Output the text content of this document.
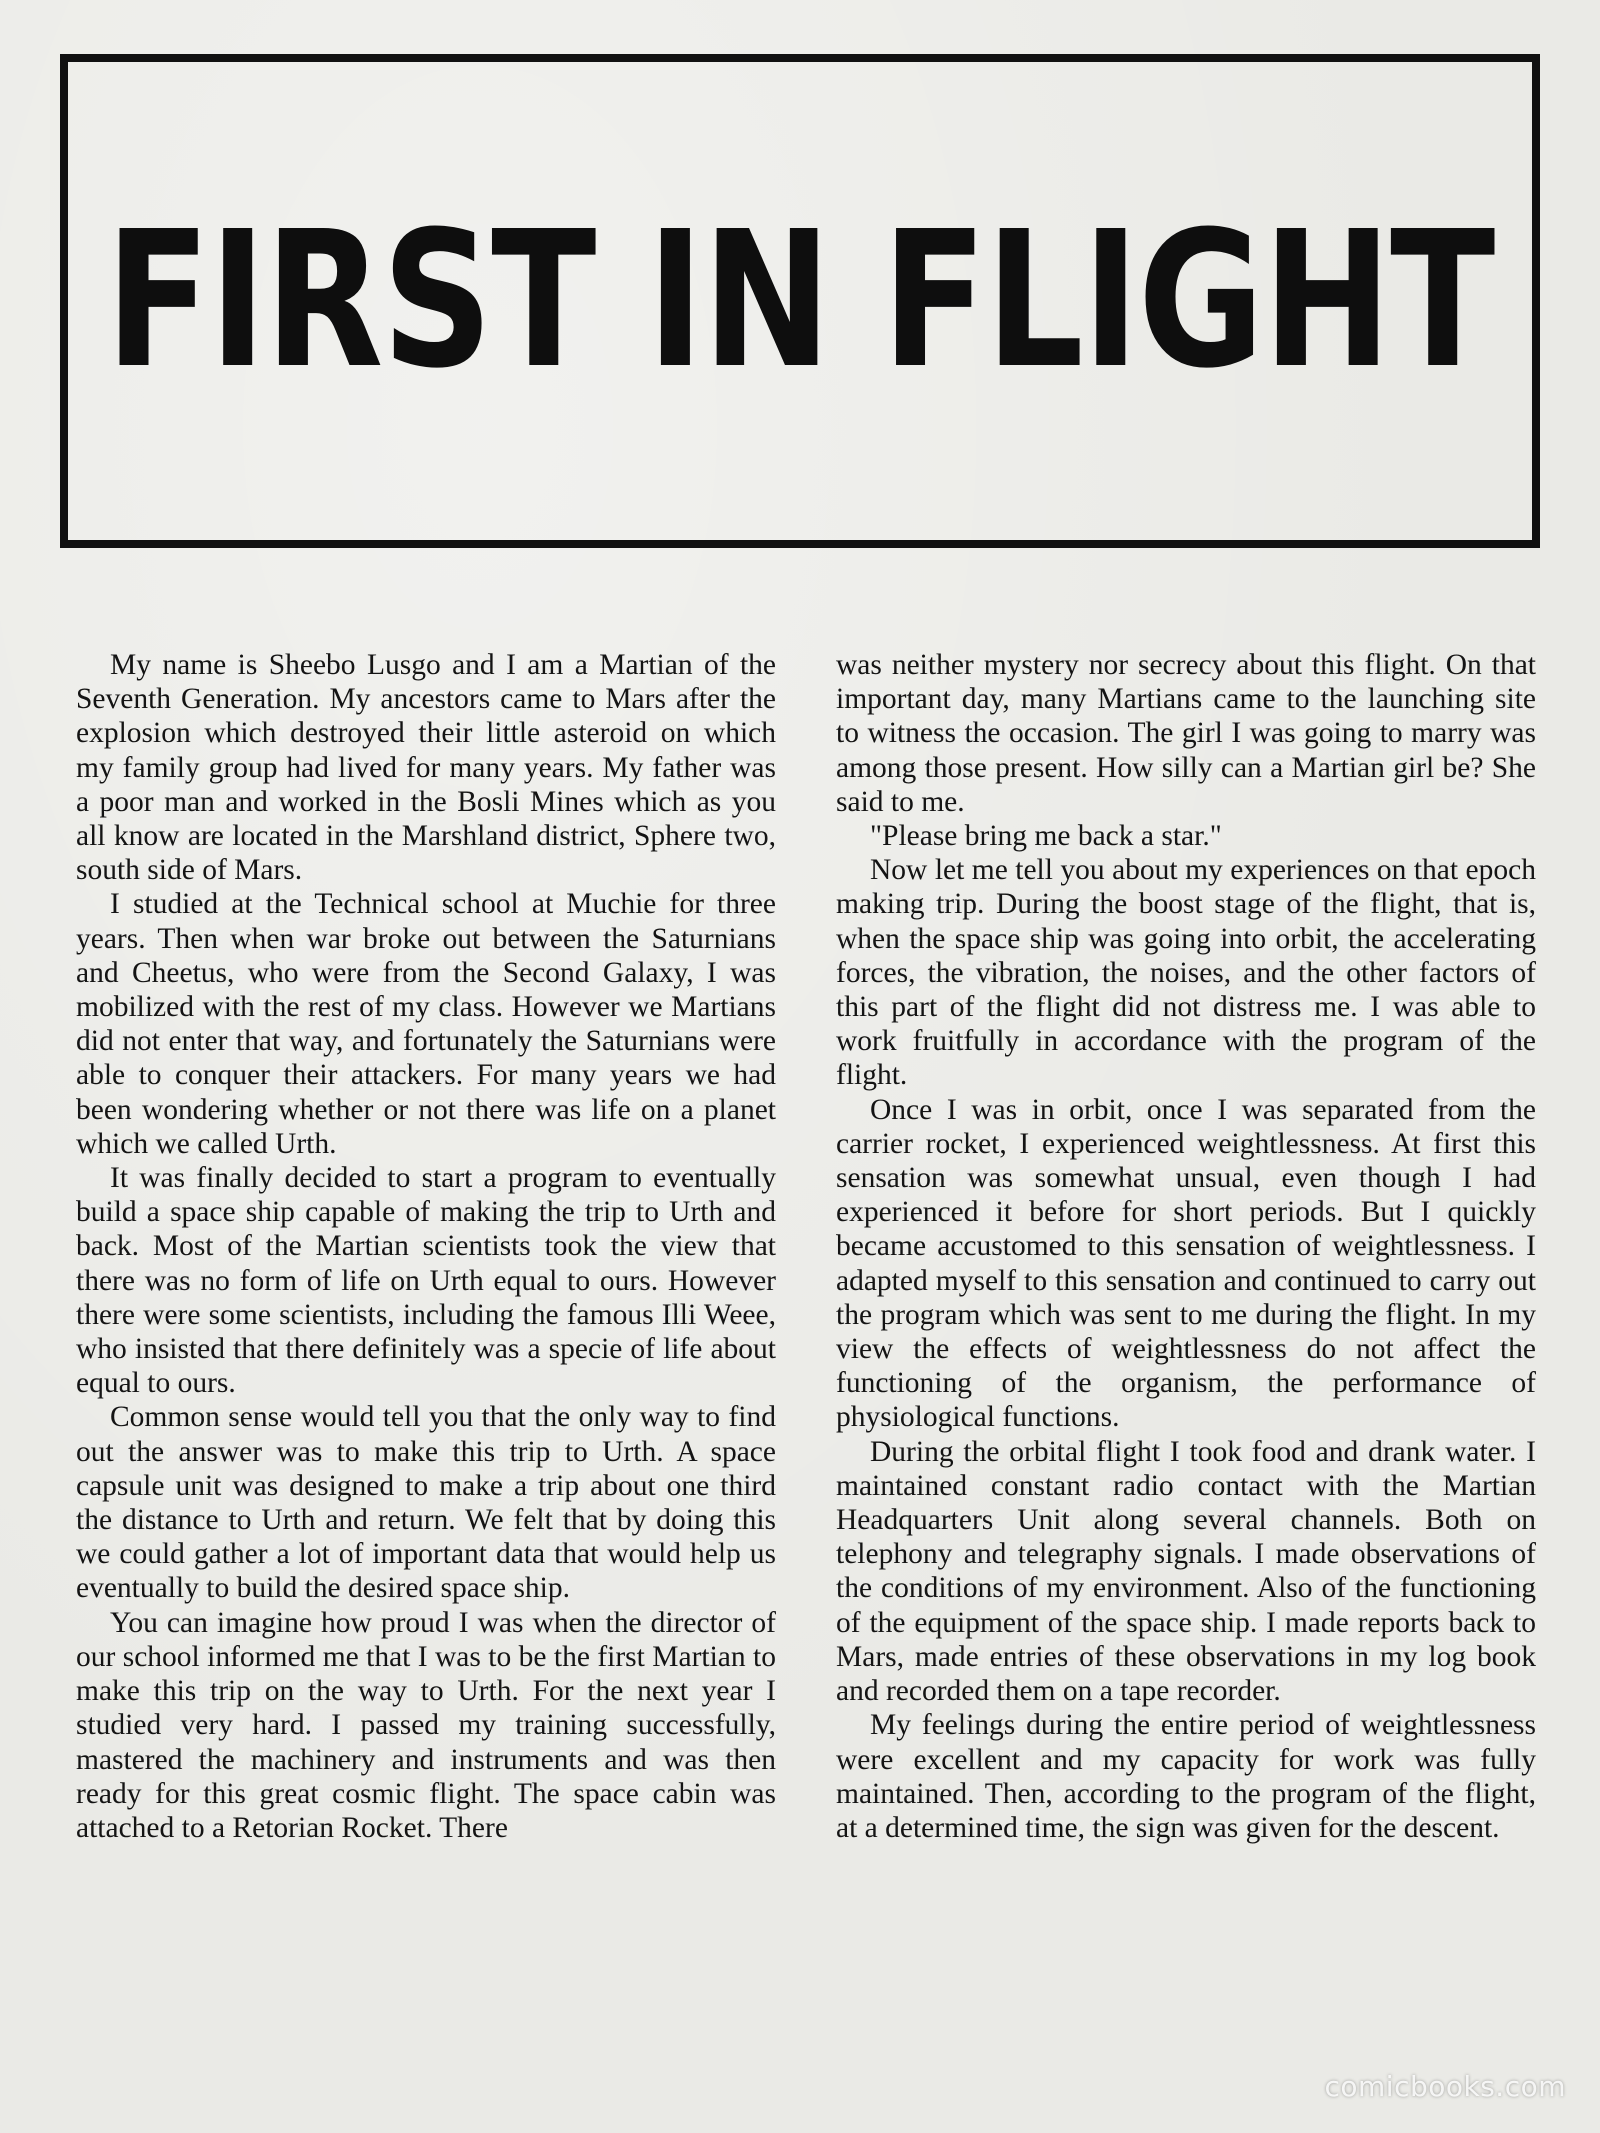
FIRST IN FLIGHT

My name is Sheebo Lusgo and I am a Martian of the Seventh Generation. My ancestors came to Mars after the explosion which destroyed their little asteroid on which my family group had lived for many years. My father was a poor man and worked in the Bosli Mines which as you all know are located in the Marshland district, Sphere two, south side of Mars.

I studied at the Technical school at Muchie for three years. Then when war broke out between the Saturnians and Cheetus, who were from the Second Galaxy, I was mobilized with the rest of my class. However we Martians did not enter that way, and fortunately the Saturnians were able to conquer their attackers. For many years we had been wondering whether or not there was life on a planet which we called Urth.

It was finally decided to start a program to eventually build a space ship capable of making the trip to Urth and back. Most of the Martian scientists took the view that there was no form of life on Urth equal to ours. However there were some scientists, including the famous Illi Weee, who insisted that there definitely was a specie of life about equal to ours.

Common sense would tell you that the only way to find out the answer was to make this trip to Urth. A space capsule unit was designed to make a trip about one third the distance to Urth and return. We felt that by doing this we could gather a lot of important data that would help us eventually to build the desired space ship.

You can imagine how proud I was when the director of our school informed me that I was to be the first Martian to make this trip on the way to Urth. For the next year I studied very hard. I passed my training successfully, mastered the machinery and instruments and was then ready for this great cosmic flight. The space cabin was attached to a Retorian Rocket. There

was neither mystery nor secrecy about this flight. On that important day, many Martians came to the launching site to witness the occasion. The girl I was going to marry was among those present. How silly can a Martian girl be? She said to me.

"Please bring me back a star."

Now let me tell you about my experiences on that epoch making trip. During the boost stage of the flight, that is, when the space ship was going into orbit, the accelerating forces, the vibration, the noises, and the other factors of this part of the flight did not distress me. I was able to work fruitfully in accordance with the program of the flight.

Once I was in orbit, once I was separated from the carrier rocket, I experienced weightlessness. At first this sensation was somewhat unsual, even though I had experienced it before for short periods. But I quickly became accustomed to this sensation of weightlessness. I adapted myself to this sensation and continued to carry out the program which was sent to me during the flight. In my view the effects of weightlessness do not affect the functioning of the organism, the performance of physiological functions.

During the orbital flight I took food and drank water. I maintained constant radio contact with the Martian Headquarters Unit along several channels. Both on telephony and telegraphy signals. I made observations of the conditions of my environment. Also of the functioning of the equipment of the space ship. I made reports back to Mars, made entries of these observations in my log book and recorded them on a tape recorder.

My feelings during the entire period of weightlessness were excellent and my capacity for work was fully maintained. Then, according to the program of the flight, at a determined time, the sign was given for the descent.

comicbooks.com
